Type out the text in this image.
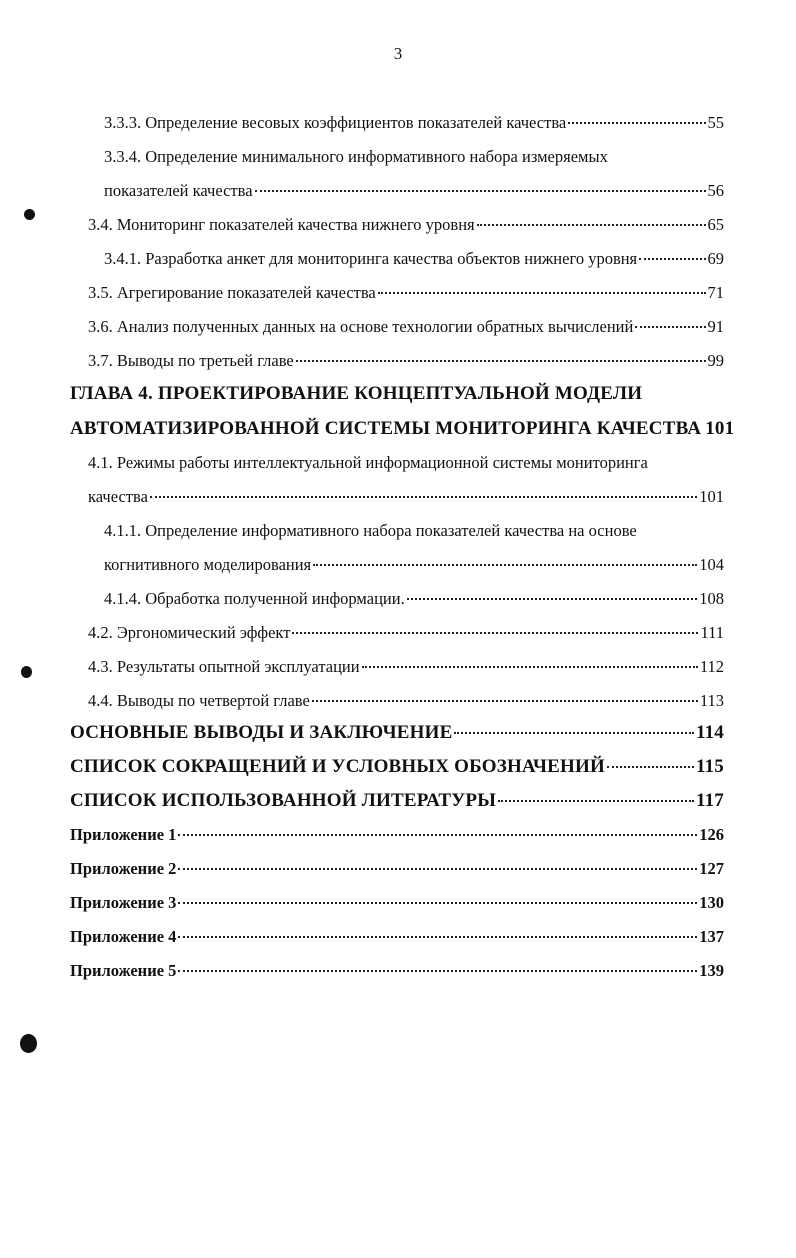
3
3.3.3. Определение весовых коэффициентов показателей качества	55
3.3.4. Определение минимального информативного набора измеряемых
показателей качества	56
3.4. Мониторинг показателей качества нижнего уровня	65
3.4.1. Разработка анкет для мониторинга качества объектов нижнего уровня	69
3.5. Агрегирование показателей качества	71
3.6. Анализ полученных данных на основе технологии обратных вычислений	91
3.7. Выводы по третьей главе	99
ГЛАВА 4. ПРОЕКТИРОВАНИЕ КОНЦЕПТУАЛЬНОЙ МОДЕЛИ
АВТОМАТИЗИРОВАННОЙ СИСТЕМЫ МОНИТОРИНГА КАЧЕСТВА 101
4.1. Режимы работы интеллектуальной информационной системы мониторинга
качества	101
4.1.1. Определение информативного набора показателей качества на основе
когнитивного моделирования	104
4.1.4. Обработка полученной информации.	108
4.2. Эргономический эффект	111
4.3. Результаты опытной эксплуатации	112
4.4. Выводы по четвертой главе	113
ОСНОВНЫЕ ВЫВОДЫ И ЗАКЛЮЧЕНИЕ	114
СПИСОК СОКРАЩЕНИЙ И УСЛОВНЫХ ОБОЗНАЧЕНИЙ	115
СПИСОК ИСПОЛЬЗОВАННОЙ ЛИТЕРАТУРЫ	117
Приложение 1	126
Приложение 2	127
Приложение 3	130
Приложение 4	137
Приложение 5	139
